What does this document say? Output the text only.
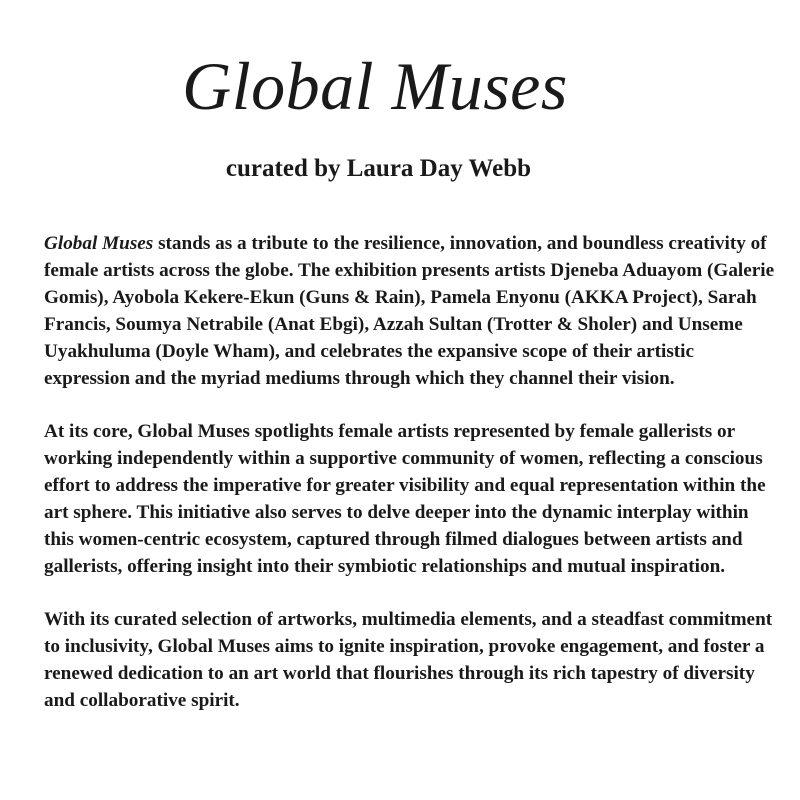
Global Muses
curated by Laura Day Webb

Global Muses stands as a tribute to the resilience, innovation, and boundless creativity of female artists across the globe. The exhibition presents artists Djeneba Aduayom (Galerie Gomis), Ayobola Kekere-Ekun (Guns & Rain), Pamela Enyonu (AKKA Project), Sarah Francis, Soumya Netrabile (Anat Ebgi), Azzah Sultan (Trotter & Sholer) and Unseme Uyakhuluma (Doyle Wham), and celebrates the expansive scope of their artistic expression and the myriad mediums through which they channel their vision.

At its core, Global Muses spotlights female artists represented by female gallerists or working independently within a supportive community of women, reflecting a conscious effort to address the imperative for greater visibility and equal representation within the art sphere. This initiative also serves to delve deeper into the dynamic interplay within this women-centric ecosystem, captured through filmed dialogues between artists and gallerists, offering insight into their symbiotic relationships and mutual inspiration.

With its curated selection of artworks, multimedia elements, and a steadfast commitment to inclusivity, Global Muses aims to ignite inspiration, provoke engagement, and foster a renewed dedication to an art world that flourishes through its rich tapestry of diversity and collaborative spirit.
